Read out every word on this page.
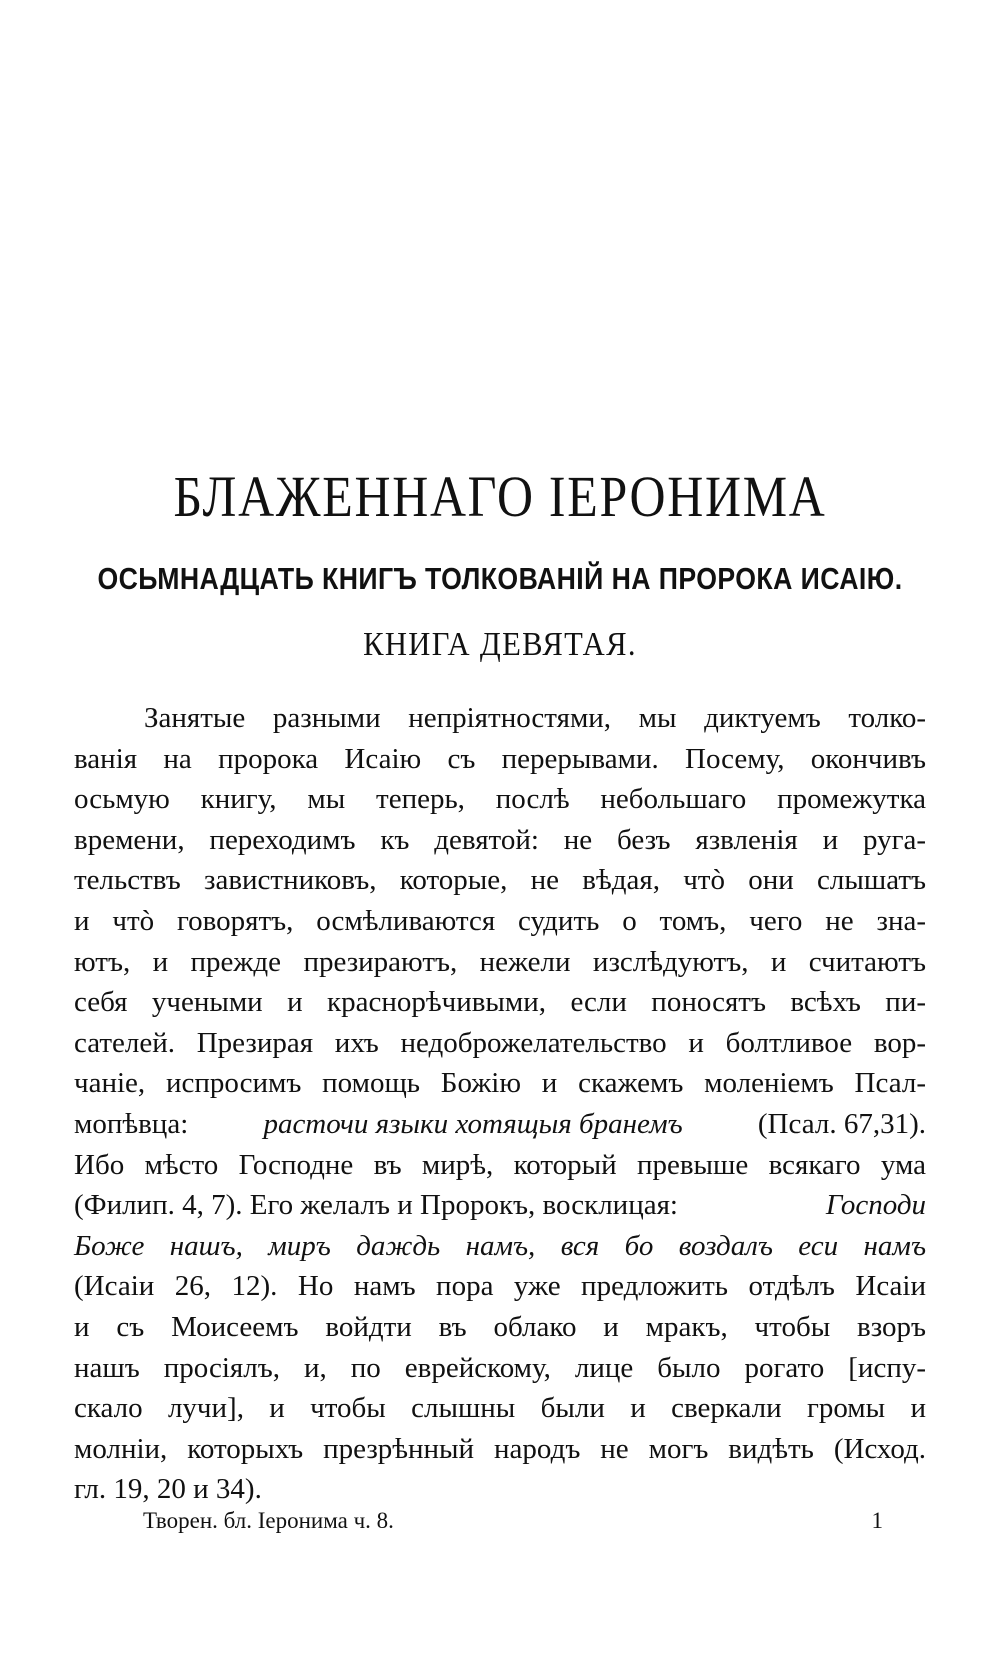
БЛАЖЕННАГО ІЕРОНИМА
ОСЬМНАДЦАТЬ КНИГЪ ТОЛКОВАНІЙ НА ПРОРОКА ИСАІЮ.
КНИГА ДЕВЯТАЯ.
Занятые разными непріятностями, мы диктуемъ толко-
ванія на пророка Исаію съ перерывами. Посему, окончивъ
осьмую книгу, мы теперь, послѣ небольшаго промежутка
времени, переходимъ къ девятой: не безъ язвленія и руга-
тельствъ завистниковъ, которые, не вѣдая, чтò они слышатъ
и чтò говорятъ, осмѣливаются судить о томъ, чего не зна-
ютъ, и прежде презираютъ, нежели изслѣдуютъ, и считаютъ
себя учеными и краснорѣчивыми, если поносятъ всѣхъ пи-
сателей. Презирая ихъ недоброжелательство и болтливое вор-
чаніе, испросимъ помощь Божію и скажемъ моленіемъ Псал-
мопѣвца:	расточи языки хотящыя бранемъ	(Псал. 67,31).
Ибо мѣсто Господне въ мирѣ, который превыше всякаго ума
(Филип. 4, 7). Его желалъ и Пророкъ, восклицая:	Господи
Боже нашъ, миръ даждь намъ, вся бо воздалъ еси намъ
(Исаіи 26, 12). Но намъ пора уже предложить отдѣлъ Исаіи
и съ Моисеемъ войдти въ облако и мракъ, чтобы взоръ
нашъ просіялъ, и, по еврейскому, лице было рогато [испу-
скало лучи], и чтобы слышны были и сверкали громы и
молніи, которыхъ презрѣнный народъ не могъ видѣть (Исход.
гл. 19, 20 и 34).
Творен. бл. Іеронима ч. 8.	1
